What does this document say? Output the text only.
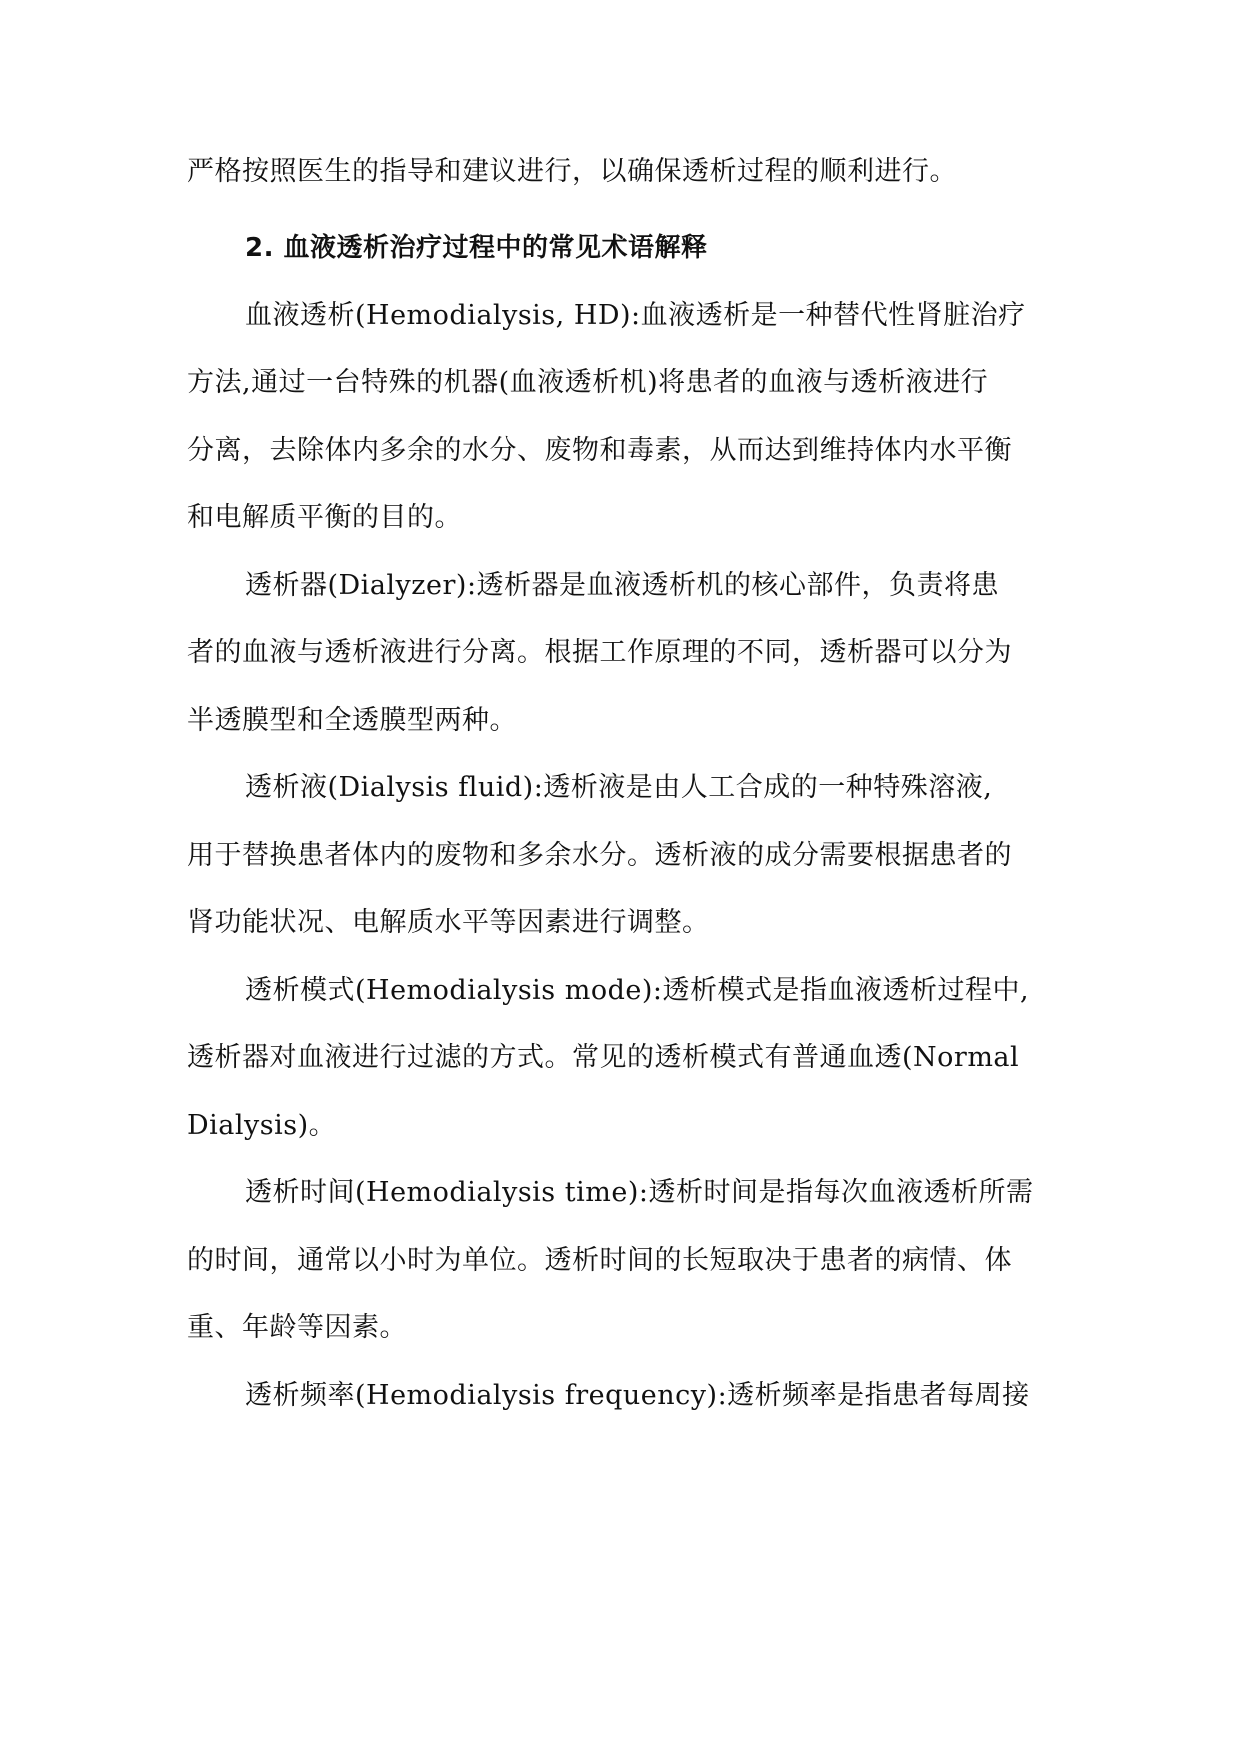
严格按照医生的指导和建议进行，以确保透析过程的顺利进行。
2. 血液透析治疗过程中的常见术语解释
血液透析(Hemodialysis, HD):血液透析是一种替代性肾脏治疗
方法,通过一台特殊的机器(血液透析机)将患者的血液与透析液进行
分离，去除体内多余的水分、废物和毒素，从而达到维持体内水平衡
和电解质平衡的目的。
透析器(Dialyzer):透析器是血液透析机的核心部件，负责将患
者的血液与透析液进行分离。根据工作原理的不同，透析器可以分为
半透膜型和全透膜型两种。
透析液(Dialysis fluid):透析液是由人工合成的一种特殊溶液,
用于替换患者体内的废物和多余水分。透析液的成分需要根据患者的
肾功能状况、电解质水平等因素进行调整。
透析模式(Hemodialysis mode):透析模式是指血液透析过程中,
透析器对血液进行过滤的方式。常见的透析模式有普通血透(Normal
Dialysis)。
透析时间(Hemodialysis time):透析时间是指每次血液透析所需
的时间，通常以小时为单位。透析时间的长短取决于患者的病情、体
重、年龄等因素。
透析频率(Hemodialysis frequency):透析频率是指患者每周接
